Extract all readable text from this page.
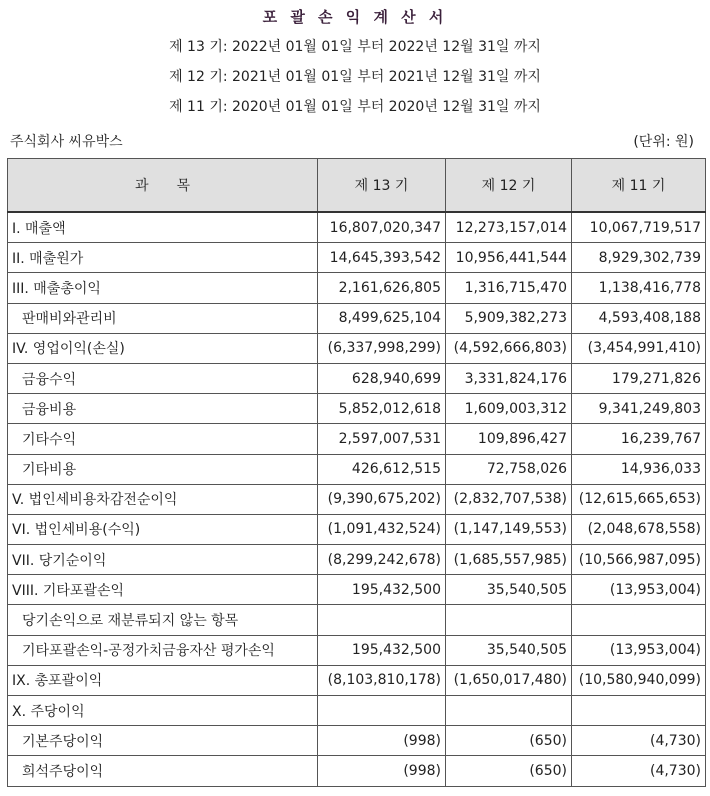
포 괄 손 익 계 산 서
제 13 기: 2022년 01월 01일 부터 2022년 12월 31일 까지
제 12 기: 2021년 01월 01일 부터 2021년 12월 31일 까지
제 11 기: 2020년 01월 01일 부터 2020년 12월 31일 까지
주식회사 씨유박스	(단위: 원)
과　　목	제 13 기	제 12 기	제 11 기
I. 매출액	16,807,020,347	12,273,157,014	10,067,719,517
II. 매출원가	14,645,393,542	10,956,441,544	8,929,302,739
III. 매출총이익	2,161,626,805	1,316,715,470	1,138,416,778
판매비와관리비	8,499,625,104	5,909,382,273	4,593,408,188
IV. 영업이익(손실)	(6,337,998,299)	(4,592,666,803)	(3,454,991,410)
금융수익	628,940,699	3,331,824,176	179,271,826
금융비용	5,852,012,618	1,609,003,312	9,341,249,803
기타수익	2,597,007,531	109,896,427	16,239,767
기타비용	426,612,515	72,758,026	14,936,033
V. 법인세비용차감전순이익	(9,390,675,202)	(2,832,707,538)	(12,615,665,653)
VI. 법인세비용(수익)	(1,091,432,524)	(1,147,149,553)	(2,048,678,558)
VII. 당기순이익	(8,299,242,678)	(1,685,557,985)	(10,566,987,095)
VIII. 기타포괄손익	195,432,500	35,540,505	(13,953,004)
당기손익으로 재분류되지 않는 항목			
기타포괄손익-공정가치금융자산 평가손익	195,432,500	35,540,505	(13,953,004)
IX. 총포괄이익	(8,103,810,178)	(1,650,017,480)	(10,580,940,099)
X. 주당이익			
기본주당이익	(998)	(650)	(4,730)
희석주당이익	(998)	(650)	(4,730)
